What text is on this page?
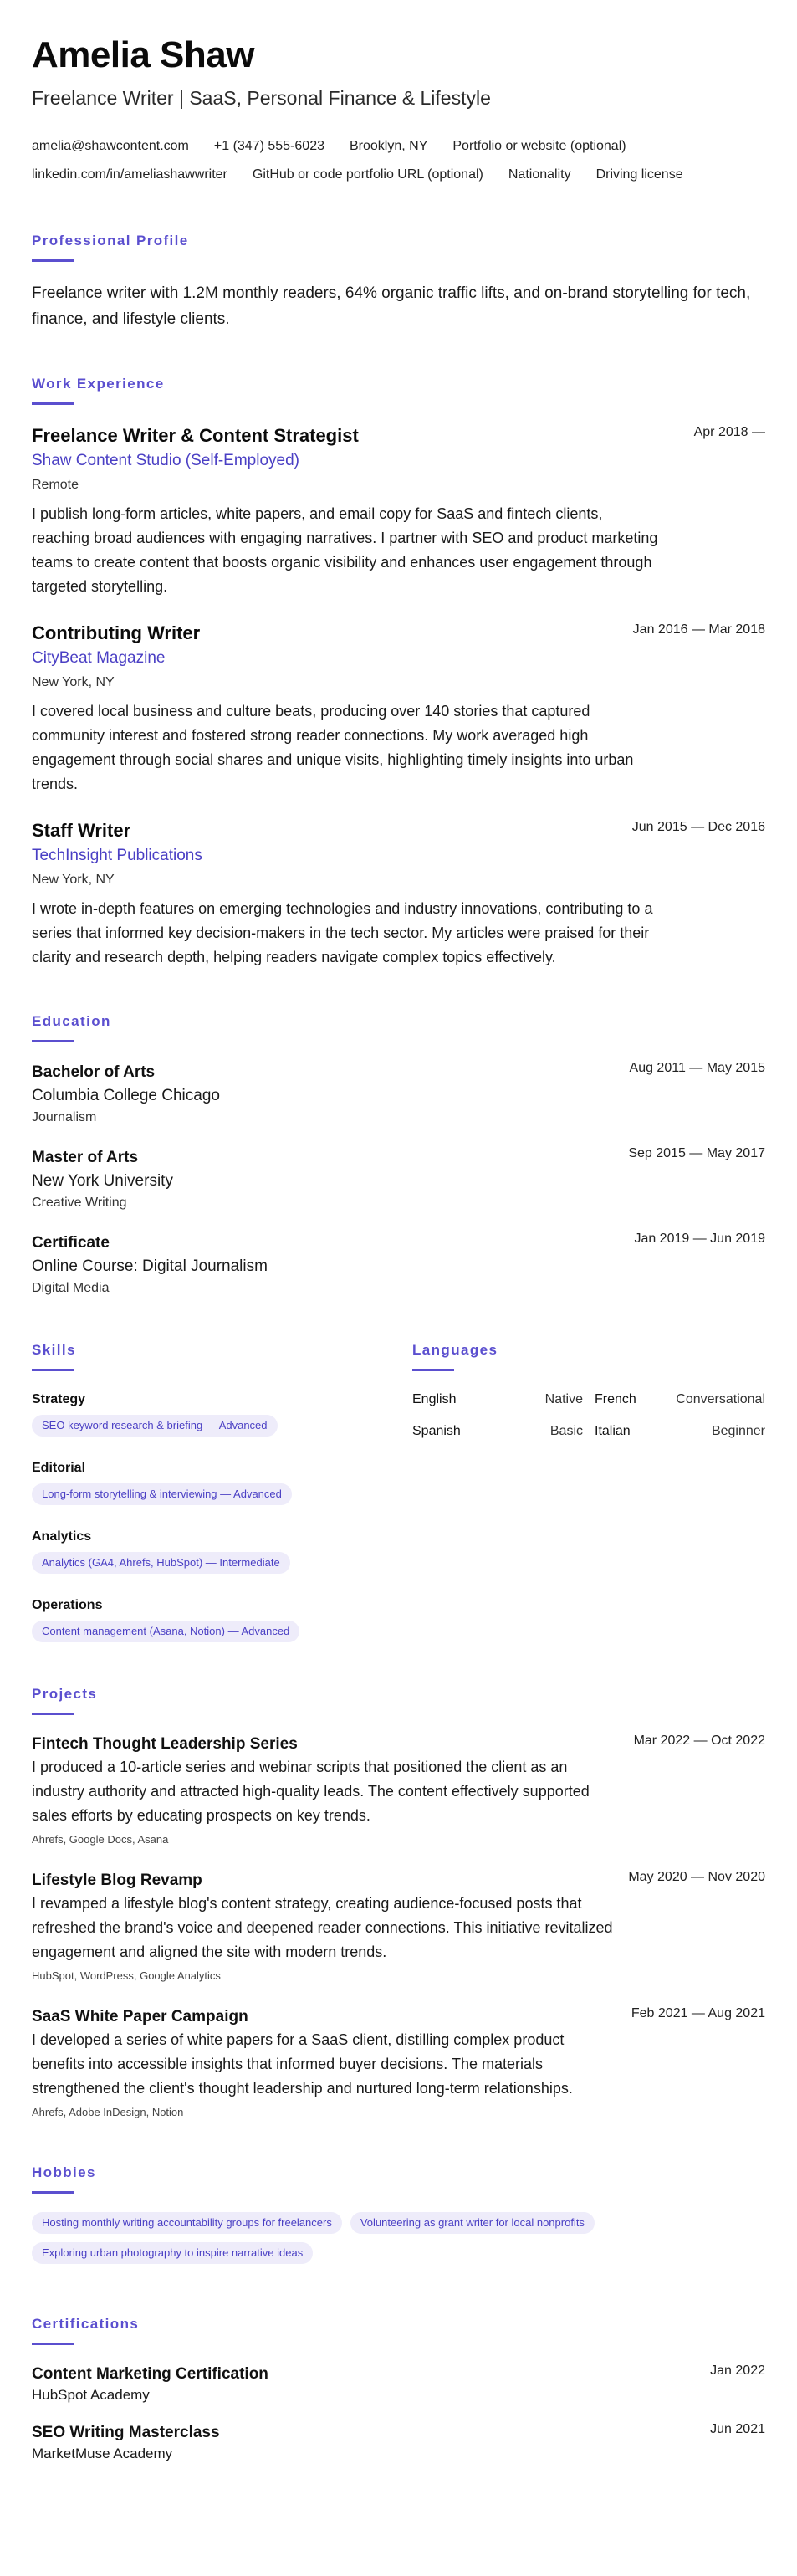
Amelia Shaw
Freelance Writer | SaaS, Personal Finance & Lifestyle
amelia@shawcontent.com +1 (347) 555-6023 Brooklyn, NY Portfolio or website (optional)
linkedin.com/in/ameliashawwriter GitHub or code portfolio URL (optional) Nationality Driving license
Professional Profile

Freelance writer with 1.2M monthly readers, 64% organic traffic lifts, and on-brand storytelling for tech, finance, and lifestyle clients.

Work Experience
Freelance Writer & Content Strategist	Apr 2018 —
Shaw Content Studio (Self-Employed)
Remote

I publish long-form articles, white papers, and email copy for SaaS and fintech clients, reaching broad audiences with engaging narratives. I partner with SEO and product marketing teams to create content that boosts organic visibility and enhances user engagement through targeted storytelling.

Contributing Writer	Jan 2016 — Mar 2018
CityBeat Magazine
New York, NY

I covered local business and culture beats, producing over 140 stories that captured community interest and fostered strong reader connections. My work averaged high engagement through social shares and unique visits, highlighting timely insights into urban trends.

Staff Writer	Jun 2015 — Dec 2016
TechInsight Publications
New York, NY

I wrote in-depth features on emerging technologies and industry innovations, contributing to a series that informed key decision-makers in the tech sector. My articles were praised for their clarity and research depth, helping readers navigate complex topics effectively.

Education
Bachelor of Arts	Aug 2011 — May 2015
Columbia College Chicago
Journalism
Master of Arts	Sep 2015 — May 2017
New York University
Creative Writing
Certificate	Jan 2019 — Jun 2019
Online Course: Digital Journalism
Digital Media
Skills
Strategy
SEO keyword research & briefing — Advanced
Editorial
Long-form storytelling & interviewing — Advanced
Analytics
Analytics (GA4, Ahrefs, HubSpot) — Intermediate
Operations
Content management (Asana, Notion) — Advanced
Languages
English	Native French	Conversational
Spanish	Basic Italian	Beginner
Projects
Fintech Thought Leadership Series	Mar 2022 — Oct 2022

I produced a 10-article series and webinar scripts that positioned the client as an industry authority and attracted high-quality leads. The content effectively supported sales efforts by educating prospects on key trends.

Ahrefs, Google Docs, Asana
Lifestyle Blog Revamp	May 2020 — Nov 2020

I revamped a lifestyle blog's content strategy, creating audience-focused posts that refreshed the brand's voice and deepened reader connections. This initiative revitalized engagement and aligned the site with modern trends.

HubSpot, WordPress, Google Analytics
SaaS White Paper Campaign	Feb 2021 — Aug 2021

I developed a series of white papers for a SaaS client, distilling complex product benefits into accessible insights that informed buyer decisions. The materials strengthened the client's thought leadership and nurtured long-term relationships.

Ahrefs, Adobe InDesign, Notion
Hobbies
Hosting monthly writing accountability groups for freelancers	Volunteering as grant writer for local nonprofits
Exploring urban photography to inspire narrative ideas
Certifications
Content Marketing Certification	Jan 2022
HubSpot Academy
SEO Writing Masterclass	Jun 2021
MarketMuse Academy
